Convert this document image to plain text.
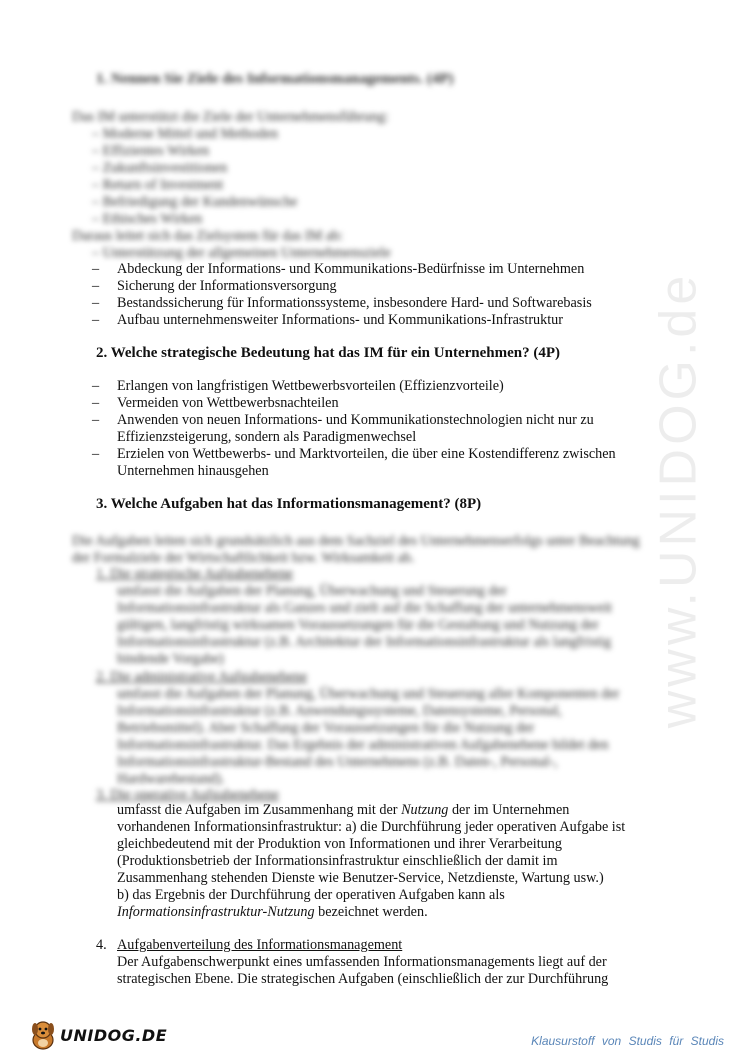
www.UNIDOG.de
1. Nennen Sie Ziele des Informationsmanagements. (4P)
Das IM unterstützt die Ziele der Unternehmensführung:
– Moderne Mittel und Methoden
– Effizientes Wirken
– Zukunftsinvestitionen
– Return of Investment
– Befriedigung der Kundenwünsche
– Ethisches Wirken
Daraus leitet sich das Zielsystem für das IM ab:
– Unterstützung der allgemeinen Unternehmensziele
– Abdeckung der Informations- und Kommunikations-Bedürfnisse im Unternehmen
– Sicherung der Informationsversorgung
– Bestandssicherung für Informationssysteme, insbesondere Hard- und Softwarebasis
– Aufbau unternehmensweiter Informations- und Kommunikations-Infrastruktur
2. Welche strategische Bedeutung hat das IM für ein Unternehmen? (4P)
– Erlangen von langfristigen Wettbewerbsvorteilen (Effizienzvorteile)
– Vermeiden von Wettbewerbsnachteilen
– Anwenden von neuen Informations- und Kommunikationstechnologien nicht nur zu
Effizienzsteigerung, sondern als Paradigmenwechsel
– Erzielen von Wettbewerbs- und Marktvorteilen, die über eine Kostendifferenz zwischen
Unternehmen hinausgehen
3. Welche Aufgaben hat das Informationsmanagement? (8P)
Die Aufgaben leiten sich grundsätzlich aus dem Sachziel des Unternehmenserfolgs unter Beachtung
der Formalziele der Wirtschaftlichkeit bzw. Wirksamkeit ab.
1. Die strategische Aufgabenebene
umfasst die Aufgaben der Planung, Überwachung und Steuerung der
Informationsinfrastruktur als Ganzes und zielt auf die Schaffung der unternehmensweit
gültigen, langfristig wirksamen Voraussetzungen für die Gestaltung und Nutzung der
Informationsinfrastruktur (z.B. Architektur der Informationsinfrastruktur als langfristig
bindende Vorgabe)
2. Die administrative Aufgabenebene
umfasst die Aufgaben der Planung, Überwachung und Steuerung aller Komponenten der
Informationsinfrastruktur (z.B. Anwendungssysteme, Datensysteme, Personal,
Betriebsmittel). Aber Schaffung der Voraussetzungen für die Nutzung der
Informationsinfrastruktur. Das Ergebnis der administrativen Aufgabenebene bildet den
Informationsinfrastruktur-Bestand des Unternehmens (z.B. Daten-, Personal-,
Hardwarebestand).
3. Die operative Aufgabenebene
umfasst die Aufgaben im Zusammenhang mit der Nutzung der im Unternehmen
vorhandenen Informationsinfrastruktur: a) die Durchführung jeder operativen Aufgabe ist
gleichbedeutend mit der Produktion von Informationen und ihrer Verarbeitung
(Produktionsbetrieb der Informationsinfrastruktur einschließlich der damit im
Zusammenhang stehenden Dienste wie Benutzer-Service, Netzdienste, Wartung usw.)
b) das Ergebnis der Durchführung der operativen Aufgaben kann als
Informationsinfrastruktur-Nutzung bezeichnet werden.
4. Aufgabenverteilung des Informationsmanagement
Der Aufgabenschwerpunkt eines umfassenden Informationsmanagements liegt auf der
strategischen Ebene. Die strategischen Aufgaben (einschließlich der zur Durchführung
UNIDOG.DE	Klausurstoff von Studis für Studis
